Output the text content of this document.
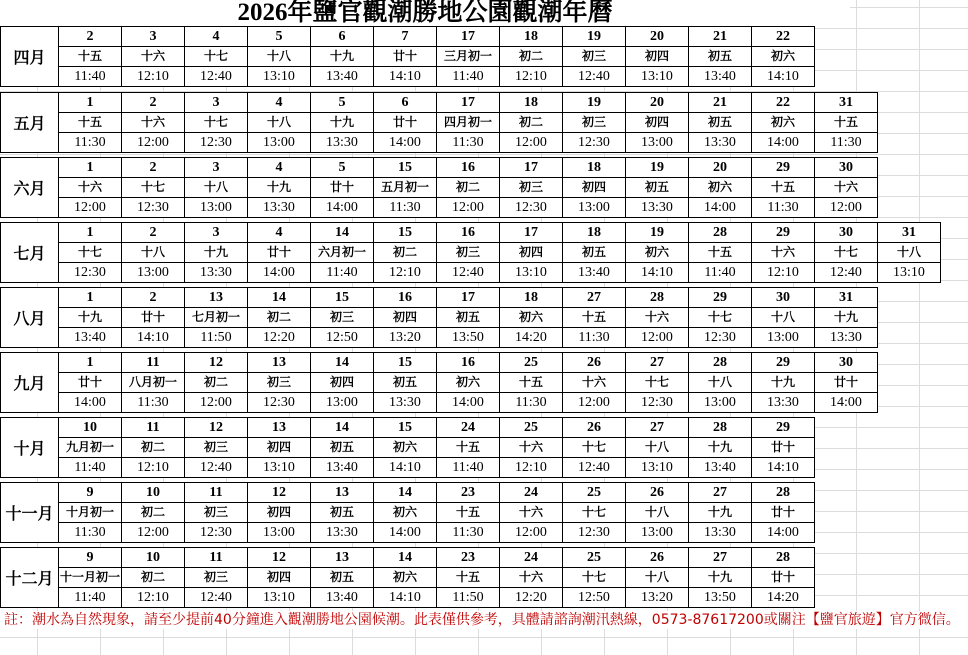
2026年鹽官觀潮勝地公園觀潮年曆
四月
2
十五
11:40
3
十六
12:10
4
十七
12:40
5
十八
13:10
6
十九
13:40
7
廿十
14:10
17
三月初一
11:40
18
初二
12:10
19
初三
12:40
20
初四
13:10
21
初五
13:40
22
初六
14:10
五月
1
十五
11:30
2
十六
12:00
3
十七
12:30
4
十八
13:00
5
十九
13:30
6
廿十
14:00
17
四月初一
11:30
18
初二
12:00
19
初三
12:30
20
初四
13:00
21
初五
13:30
22
初六
14:00
31
十五
11:30
六月
1
十六
12:00
2
十七
12:30
3
十八
13:00
4
十九
13:30
5
廿十
14:00
15
五月初一
11:30
16
初二
12:00
17
初三
12:30
18
初四
13:00
19
初五
13:30
20
初六
14:00
29
十五
11:30
30
十六
12:00
七月
1
十七
12:30
2
十八
13:00
3
十九
13:30
4
廿十
14:00
14
六月初一
11:40
15
初二
12:10
16
初三
12:40
17
初四
13:10
18
初五
13:40
19
初六
14:10
28
十五
11:40
29
十六
12:10
30
十七
12:40
31
十八
13:10
八月
1
十九
13:40
2
廿十
14:10
13
七月初一
11:50
14
初二
12:20
15
初三
12:50
16
初四
13:20
17
初五
13:50
18
初六
14:20
27
十五
11:30
28
十六
12:00
29
十七
12:30
30
十八
13:00
31
十九
13:30
九月
1
廿十
14:00
11
八月初一
11:30
12
初二
12:00
13
初三
12:30
14
初四
13:00
15
初五
13:30
16
初六
14:00
25
十五
11:30
26
十六
12:00
27
十七
12:30
28
十八
13:00
29
十九
13:30
30
廿十
14:00
十月
10
九月初一
11:40
11
初二
12:10
12
初三
12:40
13
初四
13:10
14
初五
13:40
15
初六
14:10
24
十五
11:40
25
十六
12:10
26
十七
12:40
27
十八
13:10
28
十九
13:40
29
廿十
14:10
十一月
9
十月初一
11:30
10
初二
12:00
11
初三
12:30
12
初四
13:00
13
初五
13:30
14
初六
14:00
23
十五
11:30
24
十六
12:00
25
十七
12:30
26
十八
13:00
27
十九
13:30
28
廿十
14:00
十二月
9
十一月初一
11:40
10
初二
12:10
11
初三
12:40
12
初四
13:10
13
初五
13:40
14
初六
14:10
23
十五
11:50
24
十六
12:20
25
十七
12:50
26
十八
13:20
27
十九
13:50
28
廿十
14:20
註：潮水為自然現象，請至少提前40分鐘進入觀潮勝地公園候潮。此表僅供參考，具體請諮詢潮汛熱線，0573-87617200或關注【鹽官旅遊】官方微信。
